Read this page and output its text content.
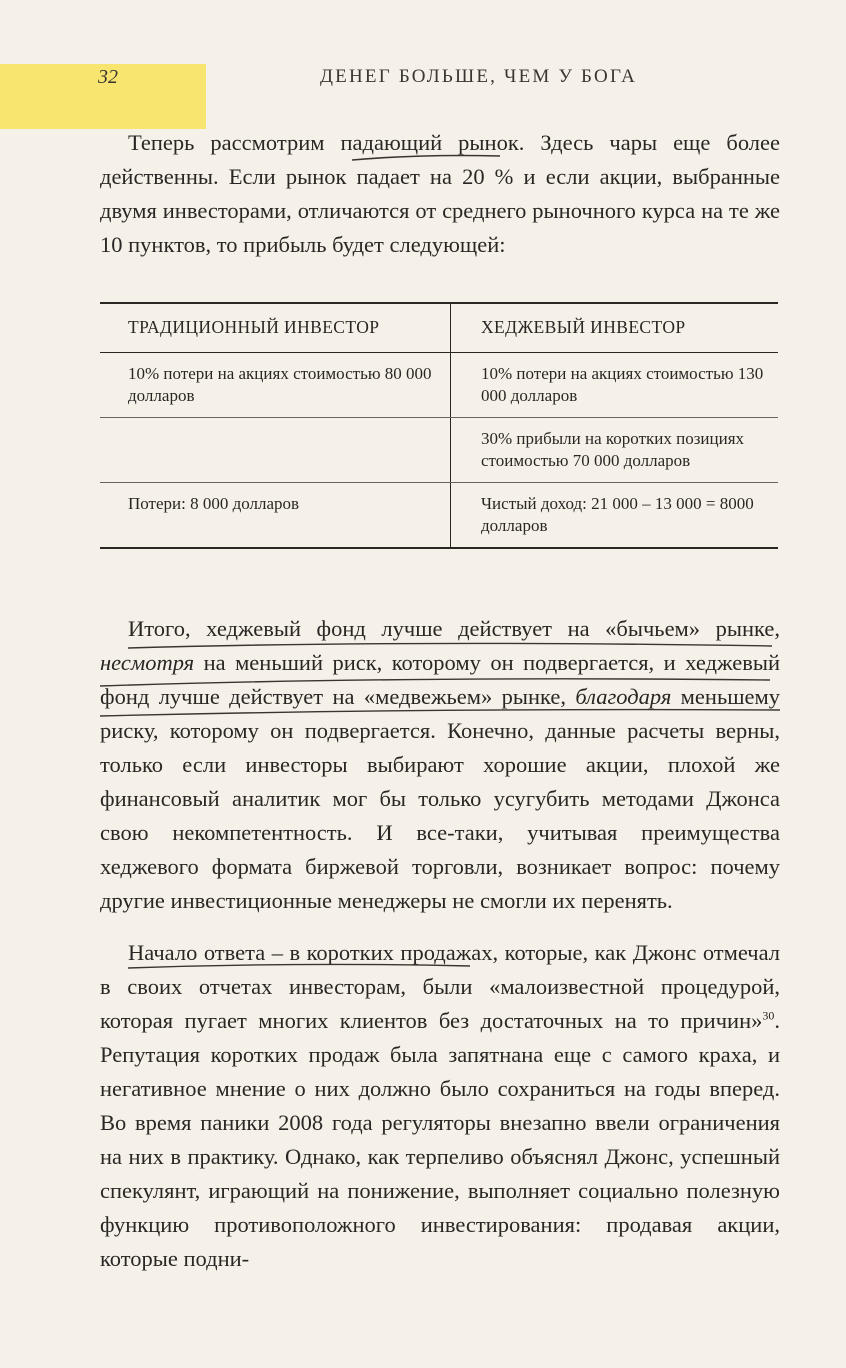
32	ДЕНЕГ БОЛЬШЕ, ЧЕМ У БОГА

Теперь рассмотрим падающий рынок. Здесь чары еще более действенны. Если рынок падает на 20 % и если акции, выбранные двумя инвесторами, отличаются от среднего рыночного курса на те же 10 пунктов, то прибыль будет следующей:

ТРАДИЦИОННЫЙ ИНВЕСТОР	ХЕДЖЕВЫЙ ИНВЕСТОР
10% потери на акциях стоимостью 80 000 долларов	10% потери на акциях стоимостью 130 000 долларов
	30% прибыли на коротких позициях стоимостью 70 000 долларов
Потери: 8 000 долларов	Чистый доход: 21 000 – 13 000 = 8000 долларов

Итого, хеджевый фонд лучше действует на «бычьем» рынке, несмотря на меньший риск, которому он подвергается, и хеджевый фонд лучше действует на «медвежьем» рынке, благодаря меньшему риску, которому он подвергается. Конечно, данные расчеты верны, только если инвесторы выбирают хорошие акции, плохой же финансовый аналитик мог бы только усугубить методами Джонса свою некомпетентность. И все-таки, учитывая преимущества хеджевого формата биржевой торговли, возникает вопрос: почему другие инвестиционные менеджеры не смогли их перенять.

Начало ответа – в коротких продажах, которые, как Джонс отмечал в своих отчетах инвесторам, были «малоизвестной процедурой, которая пугает многих клиентов без достаточных на то причин»$^{30}$. Репутация коротких продаж была запятнана еще с самого краха, и негативное мнение о них должно было сохраниться на годы вперед. Во время паники 2008 года регуляторы внезапно ввели ограничения на них в практику. Однако, как терпеливо объяснял Джонс, успешный спекулянт, играющий на понижение, выполняет социально полезную функцию противоположного инвестирования: продавая акции, которые подни-
